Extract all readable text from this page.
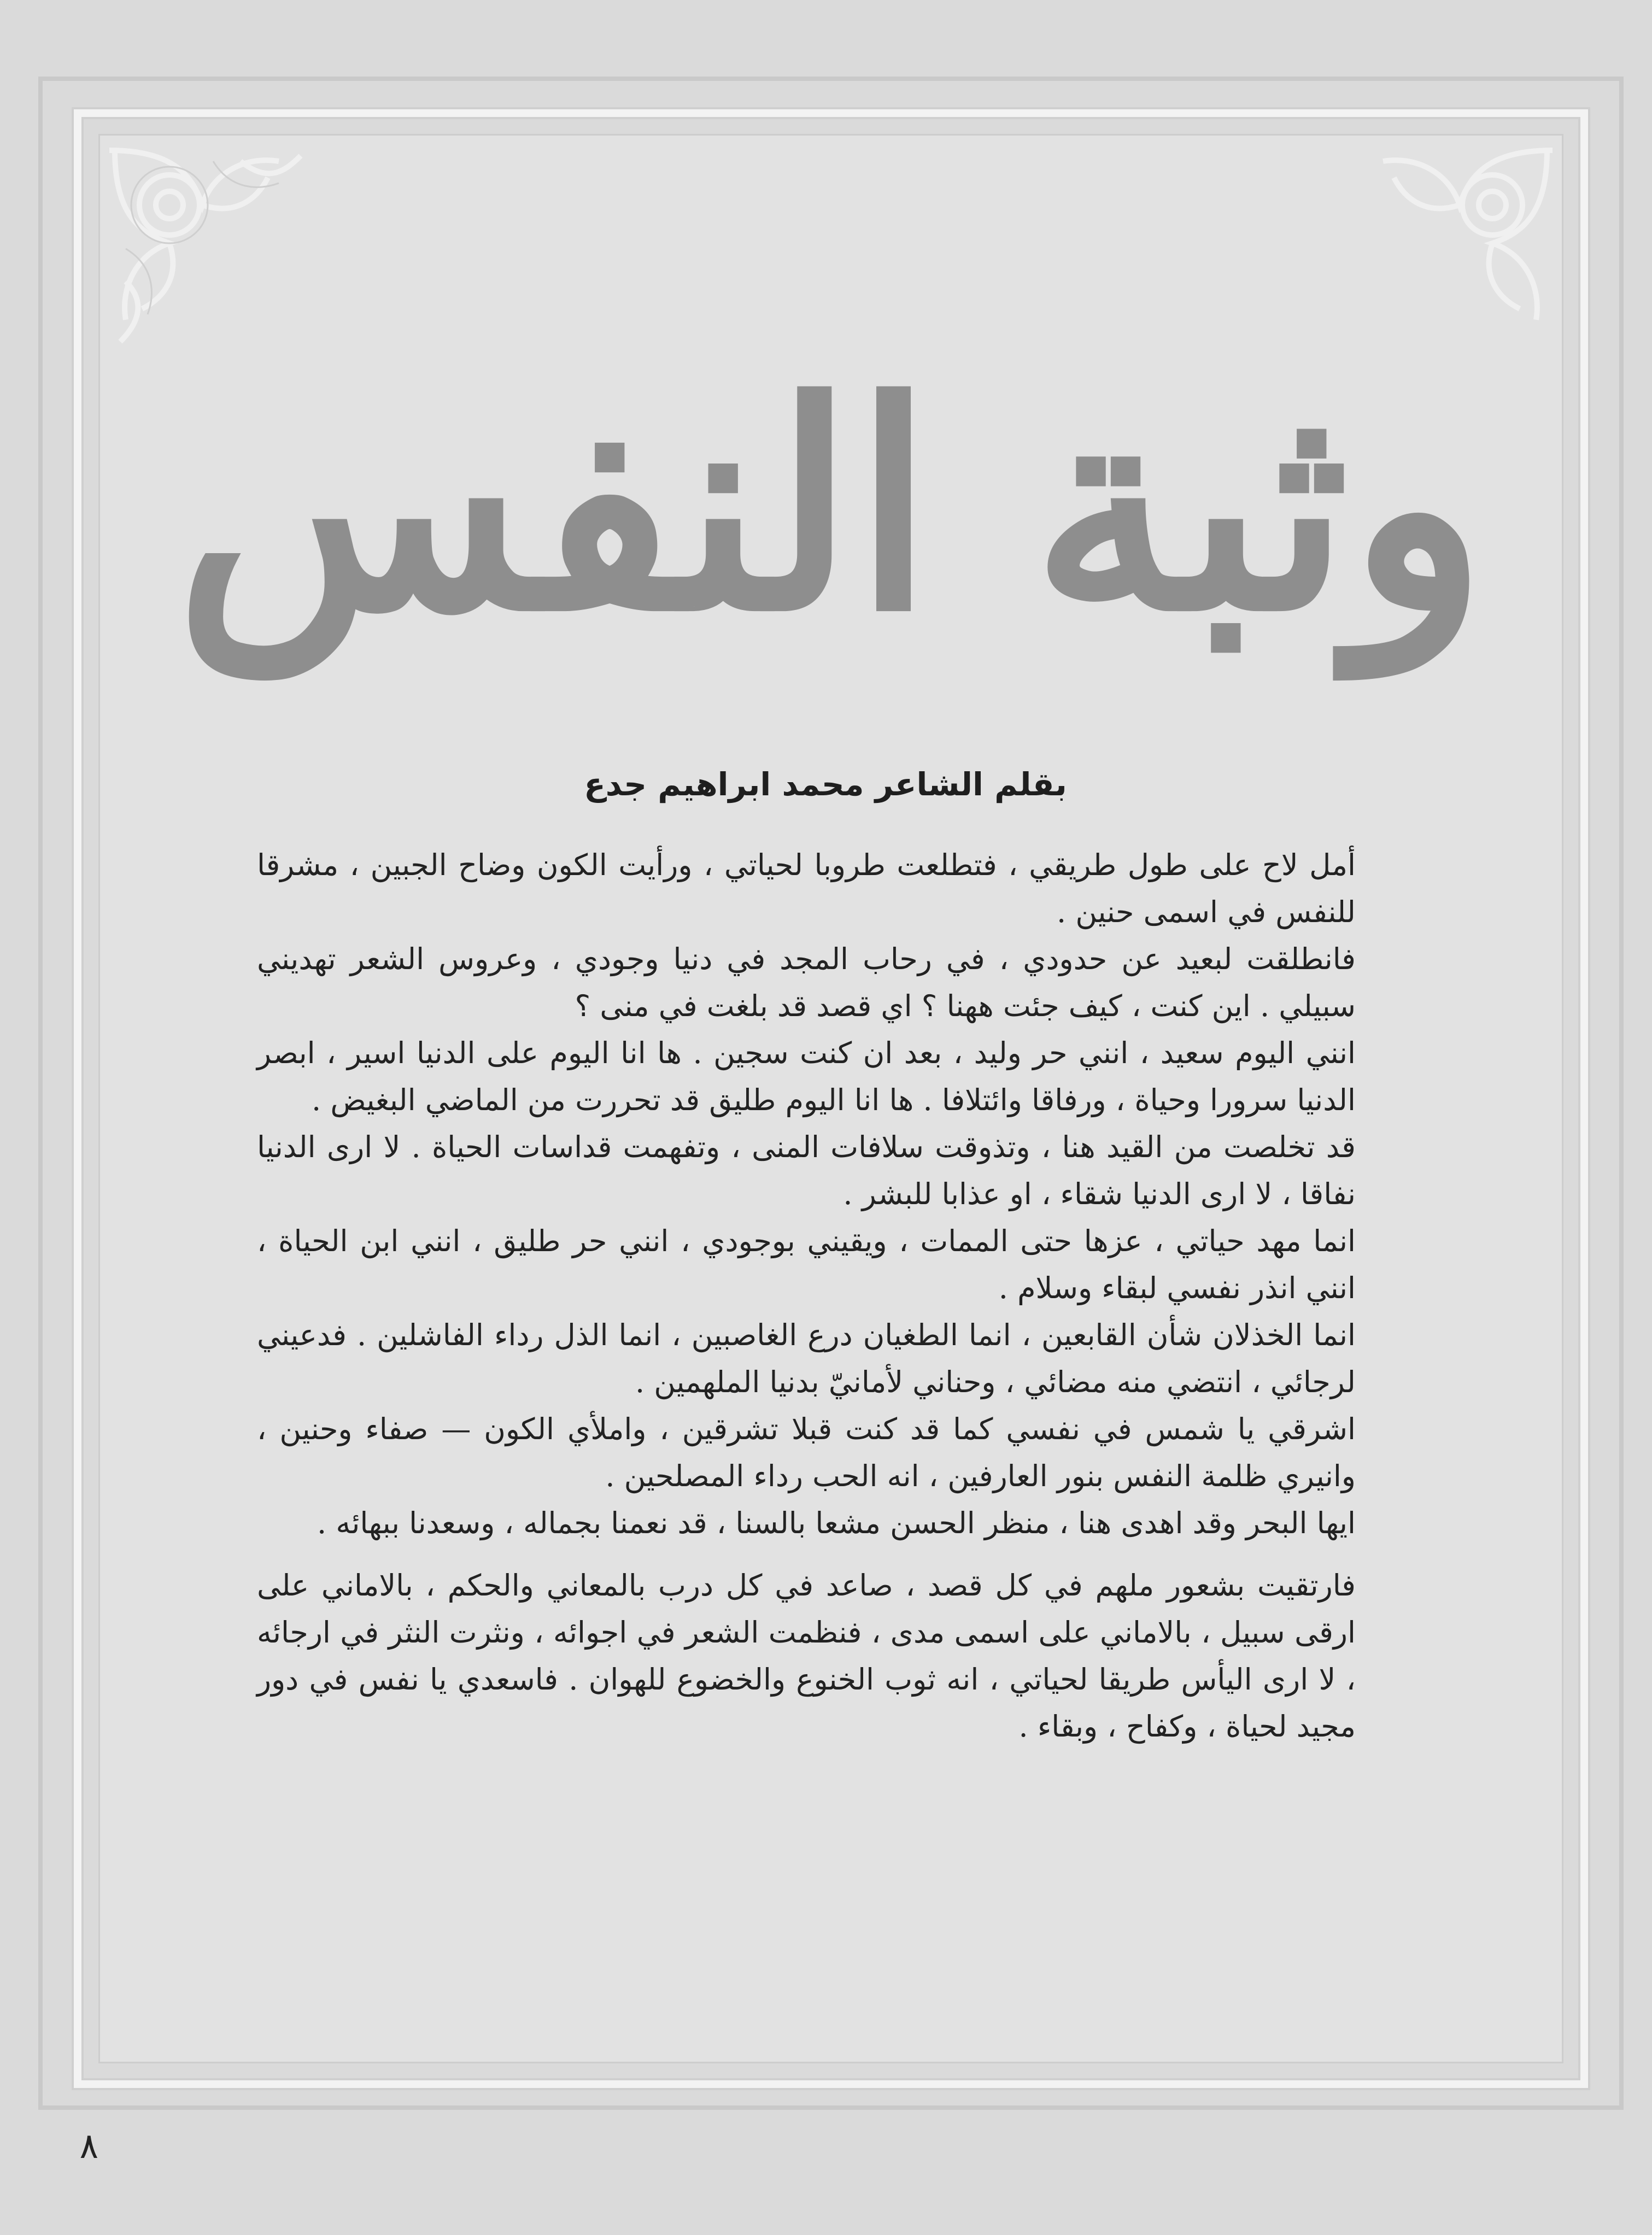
وثبة النفس
بقلم الشاعر محمد ابراهيم جدع

أمل لاح على طول طريقي ، فتطلعت طروبا لحياتي ، ورأيت الكون وضاح الجبين ، مشرقا للنفس في اسمى حنين .

فانطلقت لبعيد عن حدودي ، في رحاب المجد في دنيا وجودي ، وعروس الشعر تهديني سبيلي . اين كنت ، كيف جئت ههنا ؟ اي قصد قد بلغت في منى ؟

انني اليوم سعيد ، انني حر وليد ، بعد ان كنت سجين . ها انا اليوم على الدنيا اسير ، ابصر الدنيا سرورا وحياة ، ورفاقا وائتلافا . ها انا اليوم طليق قد تحررت من الماضي البغيض .

قد تخلصت من القيد هنا ، وتذوقت سلافات المنى ، وتفهمت قداسات الحياة . لا ارى الدنيا نفاقا ، لا ارى الدنيا شقاء ، او عذابا للبشر .

انما مهد حياتي ، عزها حتى الممات ، ويقيني بوجودي ، انني حر طليق ، انني ابن الحياة ، انني انذر نفسي لبقاء وسلام .

انما الخذلان شأن القابعين ، انما الطغيان درع الغاصبين ، انما الذل رداء الفاشلين . فدعيني لرجائي ، انتضي منه مضائي ، وحناني لأمانيّ بدنيا الملهمين .

اشرقي يا شمس في نفسي كما قد كنت قبلا تشرقين ، واملأي الكون — صفاء وحنين ، وانيري ظلمة النفس بنور العارفين ، انه الحب رداء المصلحين .

ايها البحر وقد اهدى هنا ، منظر الحسن مشعا بالسنا ، قد نعمنا بجماله ، وسعدنا ببهائه .

فارتقيت بشعور ملهم في كل قصد ، صاعد في كل درب بالمعاني والحكم ، بالاماني على ارقى سبيل ، بالاماني على اسمى مدى ، فنظمت الشعر في اجوائه ، ونثرت النثر في ارجائه ، لا ارى اليأس طريقا لحياتي ، انه ثوب الخنوع والخضوع للهوان . فاسعدي يا نفس في دور مجيد لحياة ، وكفاح ، وبقاء .

٨
